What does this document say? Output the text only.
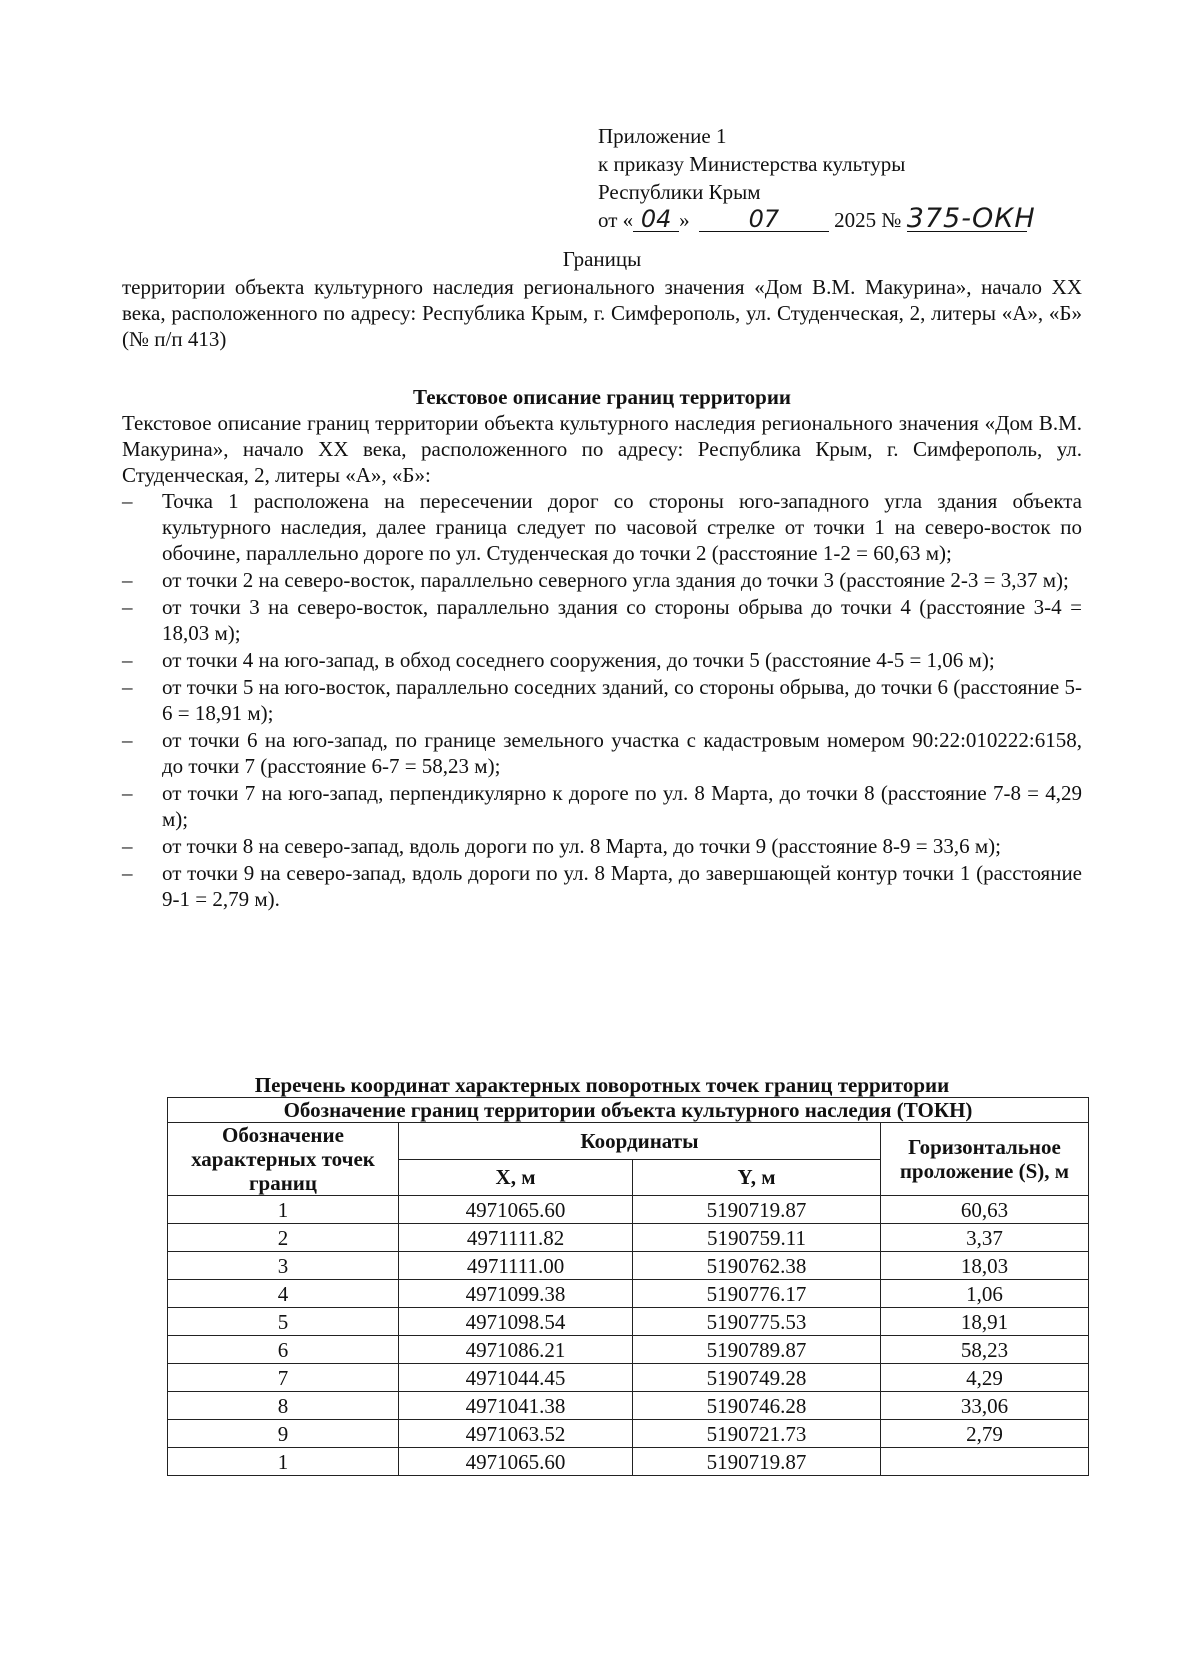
Приложение 1
к приказу Министерства культуры
Республики Крым
от « 04 » 07	2025 № 375-ОКН
Границы
территории объекта культурного наследия регионального значения «Дом В.М. Макурина», начало XX века, расположенного по адресу: Республика Крым, г. Симферополь, ул. Студенческая, 2, литеры «А», «Б» (№ п/п 413)
Текстовое описание границ территории
Текстовое описание границ территории объекта культурного наследия регионального значения «Дом В.М. Макурина», начало XX века, расположенного по адресу: Республика Крым, г. Симферополь, ул. Студенческая, 2, литеры «А», «Б»:
–	Точка 1 расположена на пересечении дорог со стороны юго-западного угла здания объекта культурного наследия, далее граница следует по часовой стрелке от точки 1 на северо-восток по обочине, параллельно дороге по ул. Студенческая до точки 2 (расстояние 1-2 = 60,63 м);
–	от точки 2 на северо-восток, параллельно северного угла здания до точки 3 (расстояние 2-3 = 3,37 м);
–	от точки 3 на северо-восток, параллельно здания со стороны обрыва до точки 4 (расстояние 3-4 = 18,03 м);
–	от точки 4 на юго-запад, в обход соседнего сооружения, до точки 5 (расстояние 4-5 = 1,06 м);
–	от точки 5 на юго-восток, параллельно соседних зданий, со стороны обрыва, до точки 6 (расстояние 5-6 = 18,91 м);
–	от точки 6 на юго-запад, по границе земельного участка с кадастровым номером 90:22:010222:6158, до точки 7 (расстояние 6-7 = 58,23 м);
–	от точки 7 на юго-запад, перпендикулярно к дороге по ул. 8 Марта, до точки 8 (расстояние 7-8 = 4,29 м);
–	от точки 8 на северо-запад, вдоль дороги по ул. 8 Марта, до точки 9 (расстояние 8-9 = 33,6 м);
–	от точки 9 на северо-запад, вдоль дороги по ул. 8 Марта, до завершающей контур точки 1 (расстояние 9-1 = 2,79 м).
Перечень координат характерных поворотных точек границ территории
Обозначение границ территории объекта культурного наследия (ТОКН)			
Обозначение характерных точек границ	Координаты		Горизонтальное проложение (S), м
	X, м	Y, м	
1	4971065.60	5190719.87	60,63
2	4971111.82	5190759.11	3,37
3	4971111.00	5190762.38	18,03
4	4971099.38	5190776.17	1,06
5	4971098.54	5190775.53	18,91
6	4971086.21	5190789.87	58,23
7	4971044.45	5190749.28	4,29
8	4971041.38	5190746.28	33,06
9	4971063.52	5190721.73	2,79
1	4971065.60	5190719.87	
